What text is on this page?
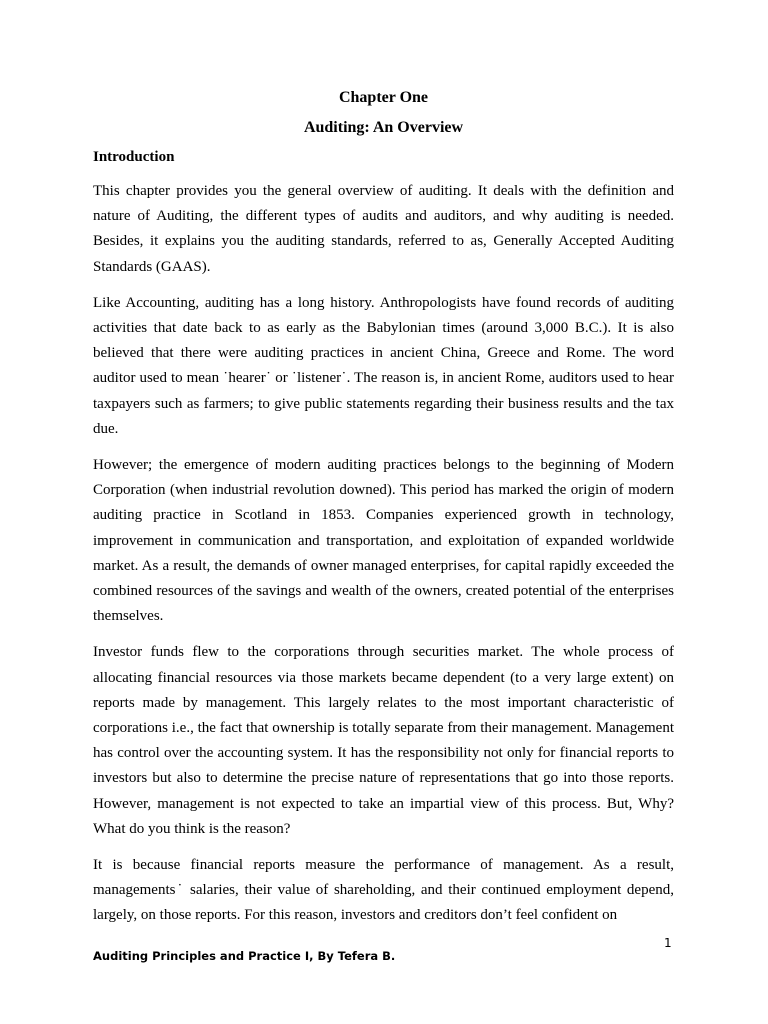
Chapter One

Auditing: An Overview

Introduction

This chapter provides you the general overview of auditing. It deals with the definition and nature of Auditing, the different types of audits and auditors, and why auditing is needed. Besides, it explains you the auditing standards, referred to as, Generally Accepted Auditing Standards (GAAS).

Like Accounting, auditing has a long history. Anthropologists have found records of auditing activities that date back to as early as the Babylonian times (around 3,000 B.C.). It is also believed that there were auditing practices in ancient China, Greece and Rome. The word auditor used to mean ˙hearer˙ or ˙listener˙. The reason is, in ancient Rome, auditors used to hear taxpayers such as farmers; to give public statements regarding their business results and the tax due.

However; the emergence of modern auditing practices belongs to the beginning of Modern Corporation (when industrial revolution downed). This period has marked the origin of modern auditing practice in Scotland in 1853. Companies experienced growth in technology, improvement in communication and transportation, and exploitation of expanded worldwide market. As a result, the demands of owner managed enterprises, for capital rapidly exceeded the combined resources of the savings and wealth of the owners, created potential of the enterprises themselves.

Investor funds flew to the corporations through securities market. The whole process of allocating financial resources via those markets became dependent (to a very large extent) on reports made by management. This largely relates to the most important characteristic of corporations i.e., the fact that ownership is totally separate from their management. Management has control over the accounting system. It has the responsibility not only for financial reports to investors but also to determine the precise nature of representations that go into those reports. However, management is not expected to take an impartial view of this process. But, Why? What do you think is the reason?

It is because financial reports measure the performance of management. As a result, managements˙ salaries, their value of shareholding, and their continued employment depend, largely, on those reports. For this reason, investors and creditors don’t feel confident on

1
Auditing Principles and Practice I, By Tefera B.
